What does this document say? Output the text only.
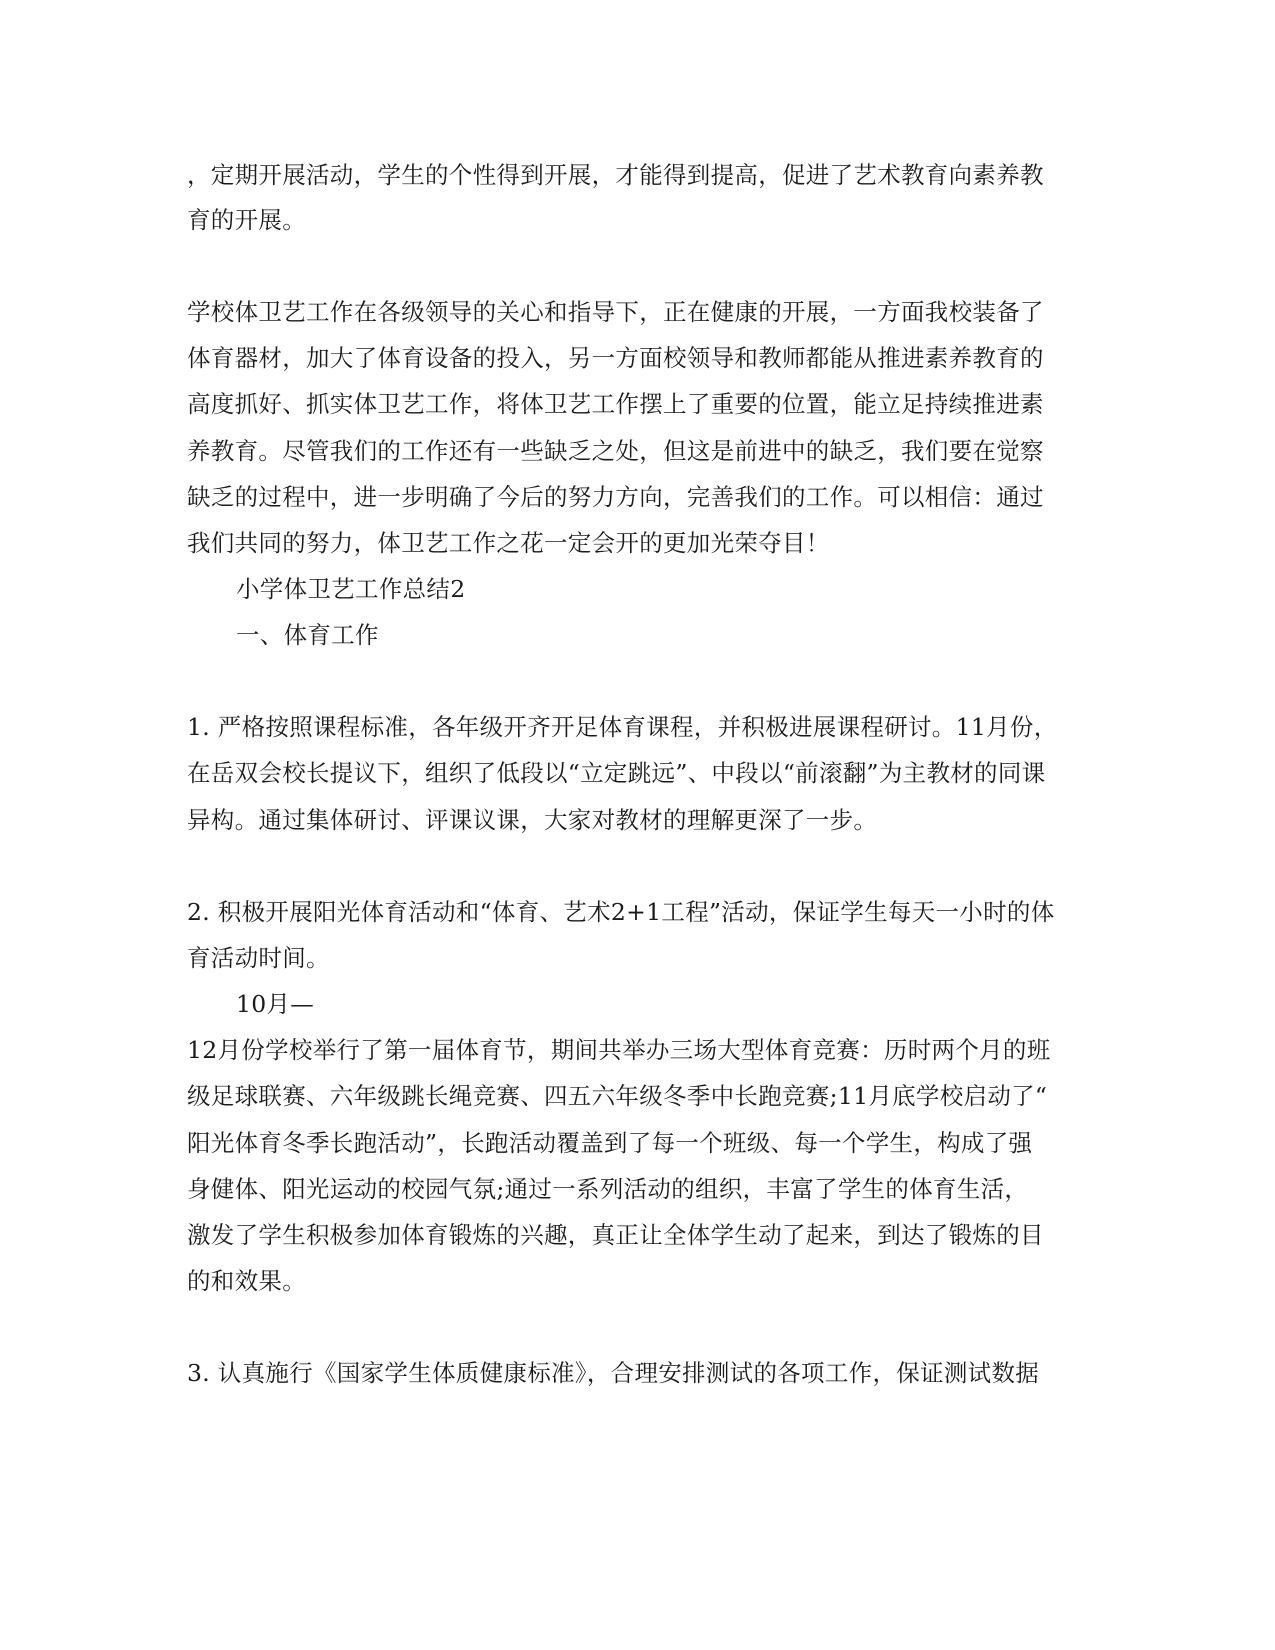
，定期开展活动，学生的个性得到开展，才能得到提高，促进了艺术教育向素养教
育的开展。
学校体卫艺工作在各级领导的关心和指导下，正在健康的开展，一方面我校装备了
体育器材，加大了体育设备的投入，另一方面校领导和教师都能从推进素养教育的
高度抓好、抓实体卫艺工作，将体卫艺工作摆上了重要的位置，能立足持续推进素
养教育。尽管我们的工作还有一些缺乏之处，但这是前进中的缺乏，我们要在觉察
缺乏的过程中，进一步明确了今后的努力方向，完善我们的工作。可以相信：通过
我们共同的努力，体卫艺工作之花一定会开的更加光荣夺目！
小学体卫艺工作总结2
一、体育工作
1. 严格按照课程标准，各年级开齐开足体育课程，并积极进展课程研讨。11月份，
在岳双会校长提议下，组织了低段以“立定跳远”、中段以“前滚翻”为主教材的同课
异构。通过集体研讨、评课议课，大家对教材的理解更深了一步。
2. 积极开展阳光体育活动和“体育、艺术2+1工程”活动，保证学生每天一小时的体
育活动时间。
10月—
12月份学校举行了第一届体育节，期间共举办三场大型体育竞赛：历时两个月的班
级足球联赛、六年级跳长绳竞赛、四五六年级冬季中长跑竞赛;11月底学校启动了“
阳光体育冬季长跑活动”，长跑活动覆盖到了每一个班级、每一个学生，构成了强
身健体、阳光运动的校园气氛;通过一系列活动的组织，丰富了学生的体育生活，
激发了学生积极参加体育锻炼的兴趣，真正让全体学生动了起来，到达了锻炼的目
的和效果。
3. 认真施行《国家学生体质健康标准》，合理安排测试的各项工作，保证测试数据
